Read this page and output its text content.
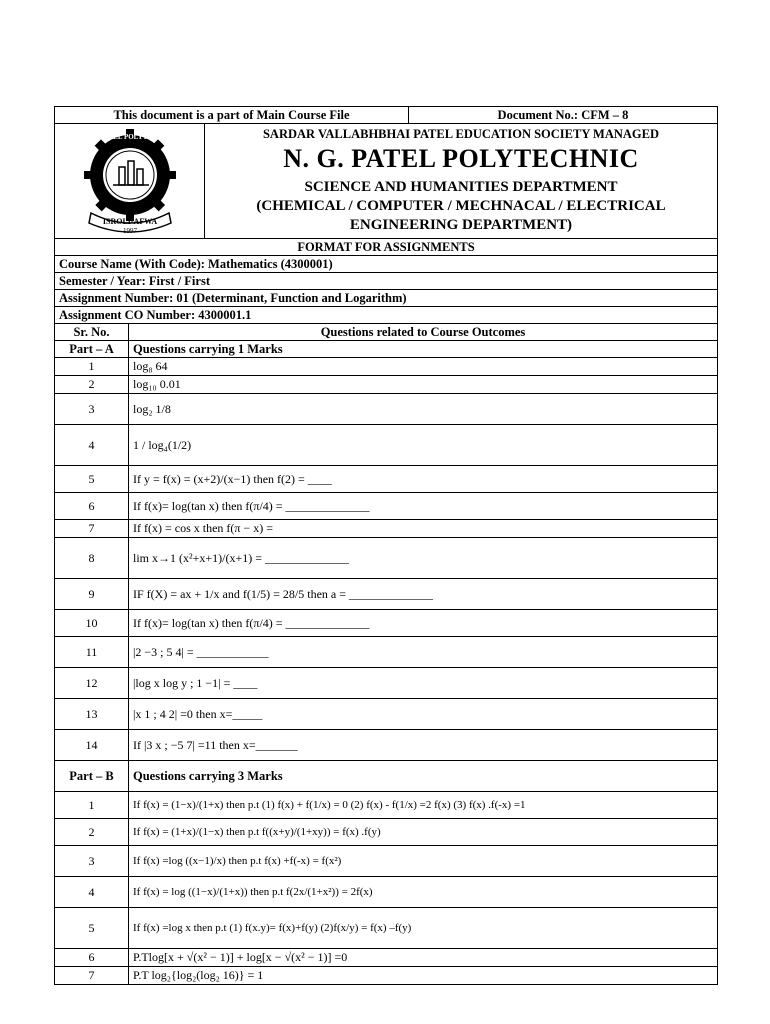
This document is a part of Main Course File	Document No.: CFM – 8

N.G. PATEL POLYTECHNIC
ISROLI-AFWA
1997

SARDAR VALLABHBHAI PATEL EDUCATION SOCIETY MANAGED
N. G. PATEL POLYTECHNIC
SCIENCE AND HUMANITIES DEPARTMENT
(CHEMICAL / COMPUTER / MECHNACAL / ELECTRICAL
ENGINEERING DEPARTMENT)

FORMAT FOR ASSIGNMENTS
Course Name (With Code): Mathematics (4300001)
Semester / Year: First / First
Assignment Number: 01 (Determinant, Function and Logarithm)
Assignment CO Number: 4300001.1
Sr. No.	Questions related to Course Outcomes
Part – A	Questions carrying 1 Marks
1	log₈ 64
2	log₁₀ 0.01
3	log₂ 1/8
4	1 / log₄(1/2)
5	If y = f(x) = (x+2)/(x−1) then f(2) = ____
6	If f(x)= log(tan x) then f(π/4) = ______________
7	If f(x) = cos x then f(π − x) =
8	lim x→1 (x²+x+1)/(x+1) = ______________
9	IF f(X) = ax + 1/x and f(1/5) = 28/5 then a = ______________
10	If f(x)= log(tan x) then f(π/4) = ______________
11	|2 −3 ; 5 4| = ____________
12	|log x log y ; 1 −1| = ____
13	|x 1 ; 4 2| =0 then x=_____
14	If |3 x ; −5 7| =11 then x=_______
Part – B	Questions carrying 3 Marks
1	If f(x) = (1−x)/(1+x) then p.t (1) f(x) + f(1/x) = 0 (2) f(x) - f(1/x) =2 f(x) (3) f(x) .f(-x) =1
2	If f(x) = (1+x)/(1−x) then p.t f((x+y)/(1+xy)) = f(x) .f(y)
3	If f(x) =log ((x−1)/x) then p.t f(x) +f(-x) = f(x²)
4	If f(x) = log ((1−x)/(1+x)) then p.t f(2x/(1+x²)) = 2f(x)
5	If f(x) =log x then p.t (1) f(x.y)= f(x)+f(y) (2)f(x/y) = f(x) –f(y)
6	P.Tlog[x + √(x² − 1)] + log[x − √(x² − 1)] =0
7	P.T log₂{log₂(log₂ 16)} = 1
